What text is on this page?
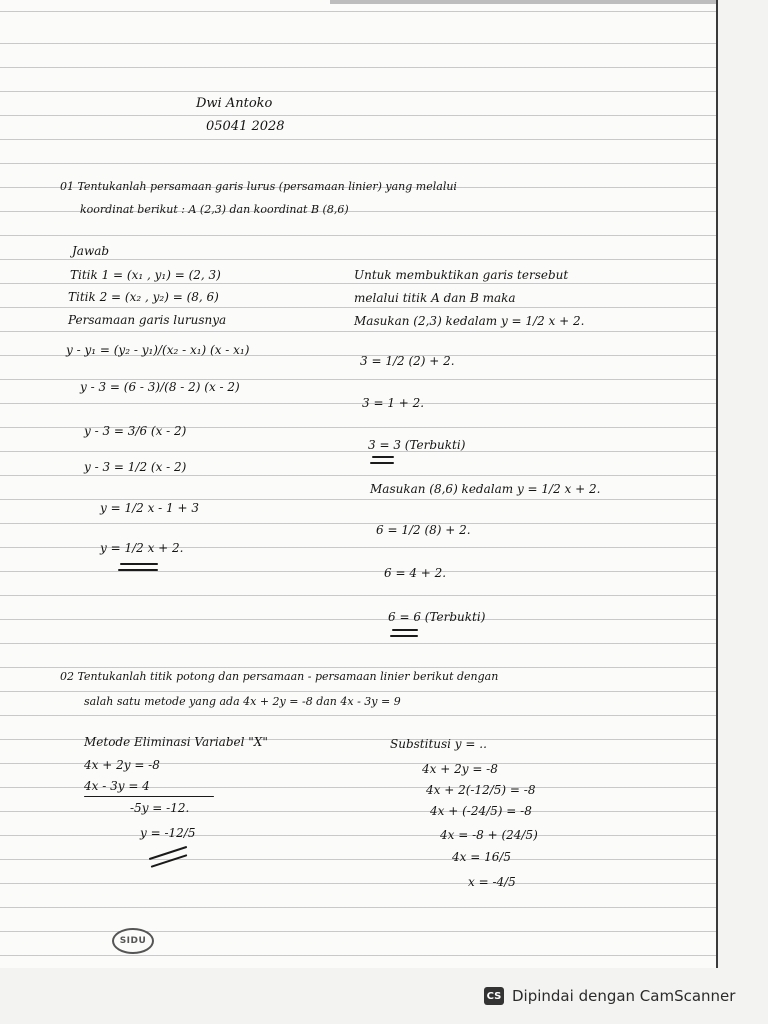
Dwi Antoko
05041 2028
01 Tentukanlah persamaan garis lurus (persamaan linier) yang melalui
koordinat berikut : A (2,3) dan koordinat B (8,6)
Jawab
Titik 1 = (x₁ , y₁) = (2, 3)
Titik 2 = (x₂ , y₂) = (8, 6)
Persamaan garis lurusnya
y - y₁ = (y₂ - y₁)/(x₂ - x₁) (x - x₁)
y - 3 = (6 - 3)/(8 - 2) (x - 2)
y - 3 = 3/6 (x - 2)
y - 3 = 1/2 (x - 2)
y = 1/2 x - 1 + 3
y = 1/2 x + 2.
Untuk membuktikan garis tersebut
melalui titik A dan B maka
Masukan (2,3) kedalam y = 1/2 x + 2.
3 = 1/2 (2) + 2.
3 = 1 + 2.
3 = 3 (Terbukti)
Masukan (8,6) kedalam y = 1/2 x + 2.
6 = 1/2 (8) + 2.
6 = 4 + 2.
6 = 6 (Terbukti)
02 Tentukanlah titik potong dan persamaan - persamaan linier berikut dengan
salah satu metode yang ada 4x + 2y = -8 dan 4x - 3y = 9
Metode Eliminasi Variabel "X"
4x + 2y = -8
4x - 3y = 4
-5y = -12.
y = -12/5
Substitusi y = ..
4x + 2y = -8
4x + 2(-12/5) = -8
4x + (-24/5) = -8
4x = -8 + (24/5)
4x = 16/5
x = -4/5
SIDU
CS Dipindai dengan CamScanner
